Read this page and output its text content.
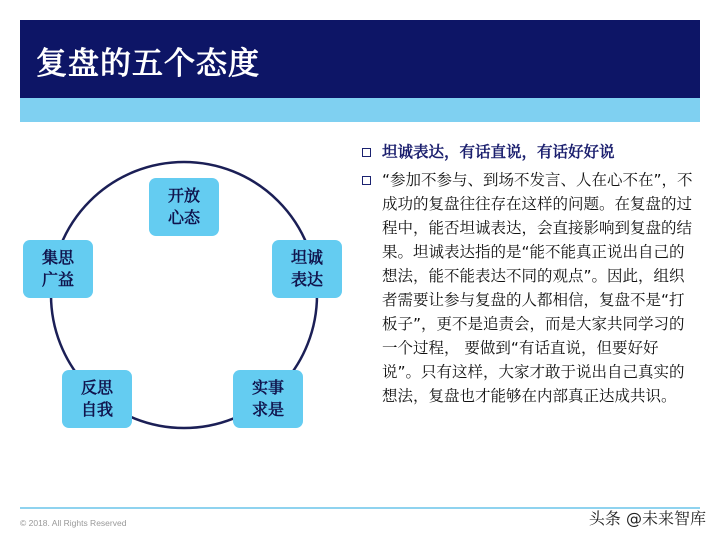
复盘的五个态度
开放
心态
坦诚
表达
实事
求是
反思
自我
集思
广益
坦诚表达，有话直说，有话好好说
“参加不参与、到场不发言、人在心不在”，不成功的复盘往往存在这样的问题。在复盘的过程中，能否坦诚表达，会直接影响到复盘的结果。坦诚表达指的是“能不能真正说出自己的想法，能不能表达不同的观点”。因此，组织者需要让参与复盘的人都相信，复盘不是“打板子”，更不是追责会，而是大家共同学习的一个过程， 要做到“有话直说，但要好好说”。只有这样，大家才敢于说出自己真实的想法，复盘也才能够在内部真正达成共识。
© 2018. All Rights Reserved	头条 @未来智库
